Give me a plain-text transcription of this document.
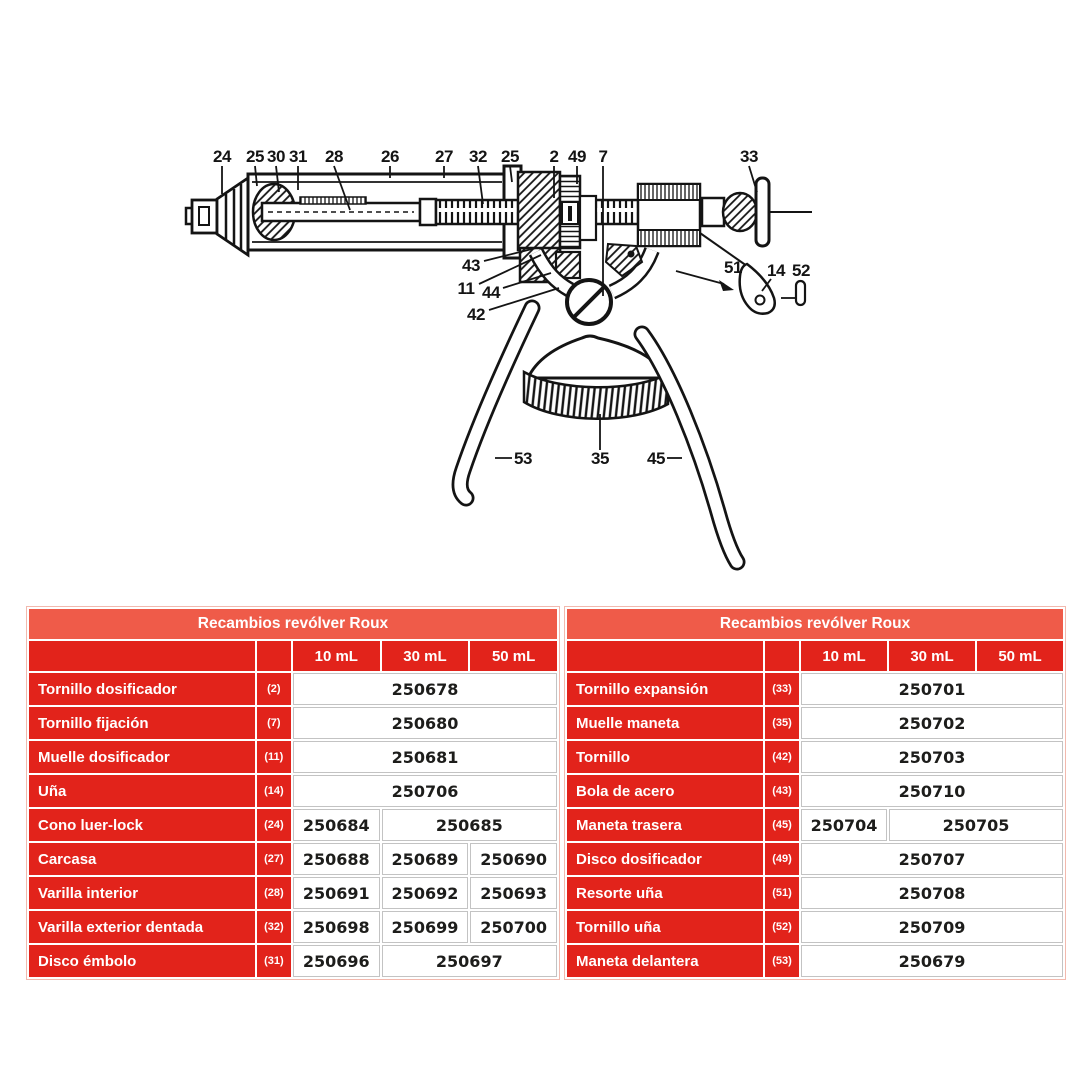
24 25 30 31 28 26 27 32 25 2 49 7	33
43
11 44
42
51 14 52
53	35 45
Recambios revólver Roux				
		10 mL	30 mL	50 mL
Tornillo dosificador	(2)	250678		
Tornillo fijación	(7)	250680		
Muelle dosificador	(11)	250681		
Uña	(14)	250706		
Cono luer-lock	(24)	250684	250685	
Carcasa	(27)	250688	250689	250690
Varilla interior	(28)	250691	250692	250693
Varilla exterior dentada	(32)	250698	250699	250700
Disco émbolo	(31)	250696	250697	
Recambios revólver Roux				
		10 mL	30 mL	50 mL
Tornillo expansión	(33)	250701		
Muelle maneta	(35)	250702		
Tornillo	(42)	250703		
Bola de acero	(43)	250710		
Maneta trasera	(45)	250704	250705	
Disco dosificador	(49)	250707		
Resorte uña	(51)	250708		
Tornillo uña	(52)	250709		
Maneta delantera	(53)	250679		
